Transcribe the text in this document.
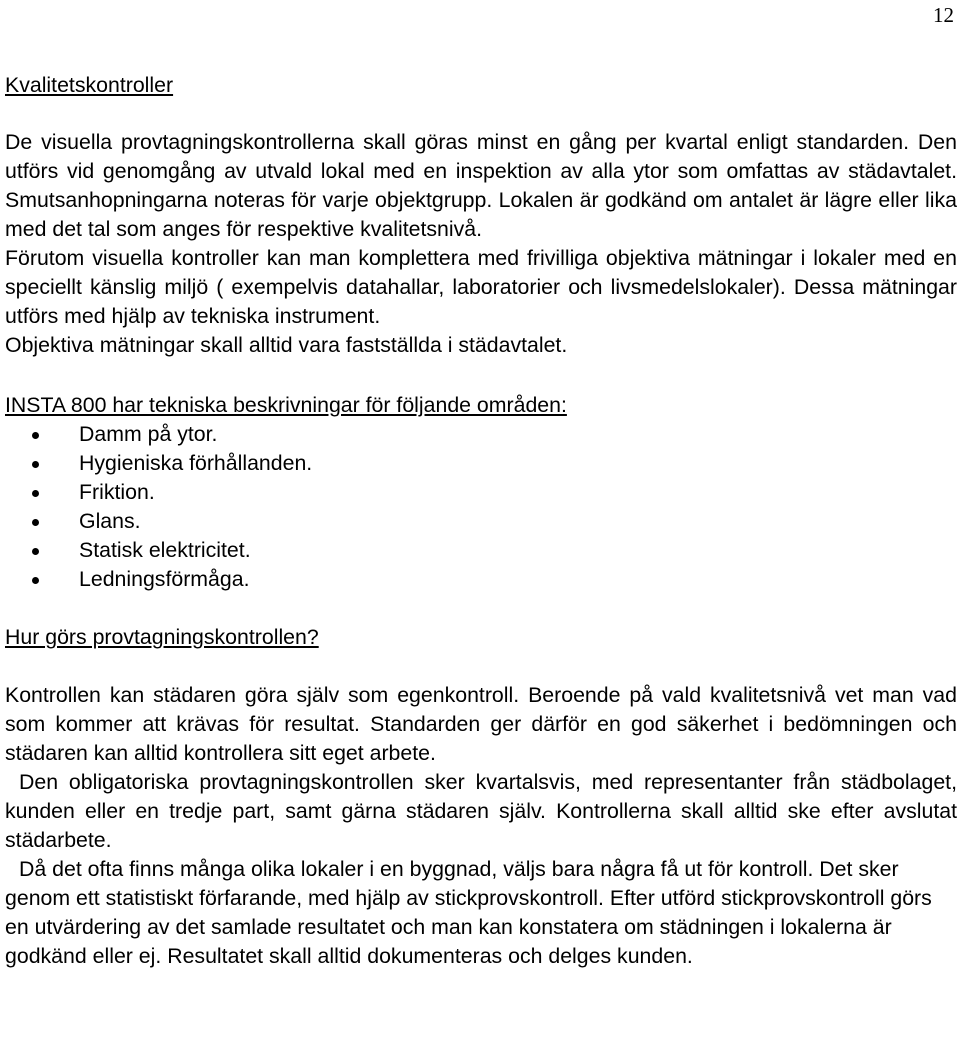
12

Kvalitetskontroller

De visuella provtagningskontrollerna skall göras minst en gång per kvartal enligt standarden. Den utförs vid genomgång av utvald lokal med en inspektion av alla ytor som omfattas av städavtalet. Smutsanhopningarna noteras för varje objektgrupp. Lokalen är godkänd om antalet är lägre eller lika med det tal som anges för respektive kvalitetsnivå.

Förutom visuella kontroller kan man komplettera med frivilliga objektiva mätningar i lokaler med en speciellt känslig miljö ( exempelvis datahallar, laboratorier och livsmedelslokaler). Dessa mätningar utförs med hjälp av tekniska instrument.

Objektiva mätningar skall alltid vara fastställda i städavtalet.

INSTA 800 har tekniska beskrivningar för följande områden:

Damm på ytor.
Hygieniska förhållanden.
Friktion.
Glans.
Statisk elektricitet.
Ledningsförmåga.

Hur görs provtagningskontrollen?

Kontrollen kan städaren göra själv som egenkontroll. Beroende på vald kvalitetsnivå vet man vad som kommer att krävas för resultat. Standarden ger därför en god säkerhet i bedömningen och städaren kan alltid kontrollera sitt eget arbete.

Den obligatoriska provtagningskontrollen sker kvartalsvis, med representanter från städbolaget, kunden eller en tredje part, samt gärna städaren själv. Kontrollerna skall alltid ske efter avslutat städarbete.

Då det ofta finns många olika lokaler i en byggnad, väljs bara några få ut för kontroll. Det sker genom ett statistiskt förfarande, med hjälp av stickprovskontroll. Efter utförd stickprovskontroll görs en utvärdering av det samlade resultatet och man kan konstatera om städningen i lokalerna är godkänd eller ej. Resultatet skall alltid dokumenteras och delges kunden.
